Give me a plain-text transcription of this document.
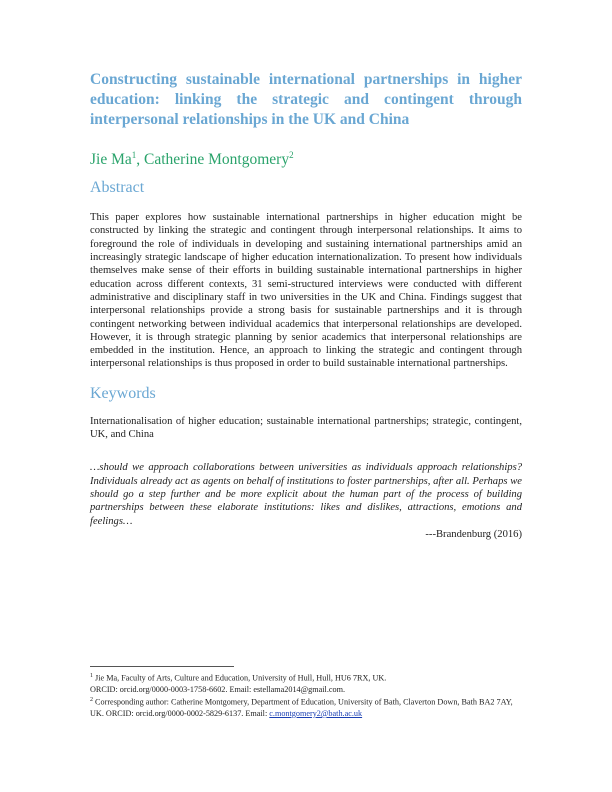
Constructing sustainable international partnerships in higher education: linking the strategic and contingent through interpersonal relationships in the UK and China
Jie Ma$^1$, Catherine Montgomery$^2$
Abstract

This paper explores how sustainable international partnerships in higher education might be constructed by linking the strategic and contingent through interpersonal relationships. It aims to foreground the role of individuals in developing and sustaining international partnerships amid an increasingly strategic landscape of higher education internationalization. To present how individuals themselves make sense of their efforts in building sustainable international partnerships in higher education across different contexts, 31 semi-structured interviews were conducted with different administrative and disciplinary staff in two universities in the UK and China. Findings suggest that interpersonal relationships provide a strong basis for sustainable partnerships and it is through contingent networking between individual academics that interpersonal relationships are developed. However, it is through strategic planning by senior academics that interpersonal relationships are embedded in the institution. Hence, an approach to linking the strategic and contingent through interpersonal relationships is thus proposed in order to build sustainable international partnerships.

Keywords

Internationalisation of higher education; sustainable international partnerships; strategic, contingent, UK, and China

…should we approach collaborations between universities as individuals approach relationships? Individuals already act as agents on behalf of institutions to foster partnerships, after all. Perhaps we should go a step further and be more explicit about the human part of the process of building partnerships between these elaborate institutions: likes and dislikes, attractions, emotions and feelings…

---Brandenburg (2016)
$^1$ Jie Ma, Faculty of Arts, Culture and Education, University of Hull, Hull, HU6 7RX, UK.
ORCID: orcid.org/0000-0003-1758-6602. Email: estellama2014@gmail.com.
$^2$ Corresponding author: Catherine Montgomery, Department of Education, University of Bath, Claverton Down, Bath BA2 7AY, UK. ORCID: orcid.org/0000-0002-5829-6137. Email: c.montgomery2@bath.ac.uk
